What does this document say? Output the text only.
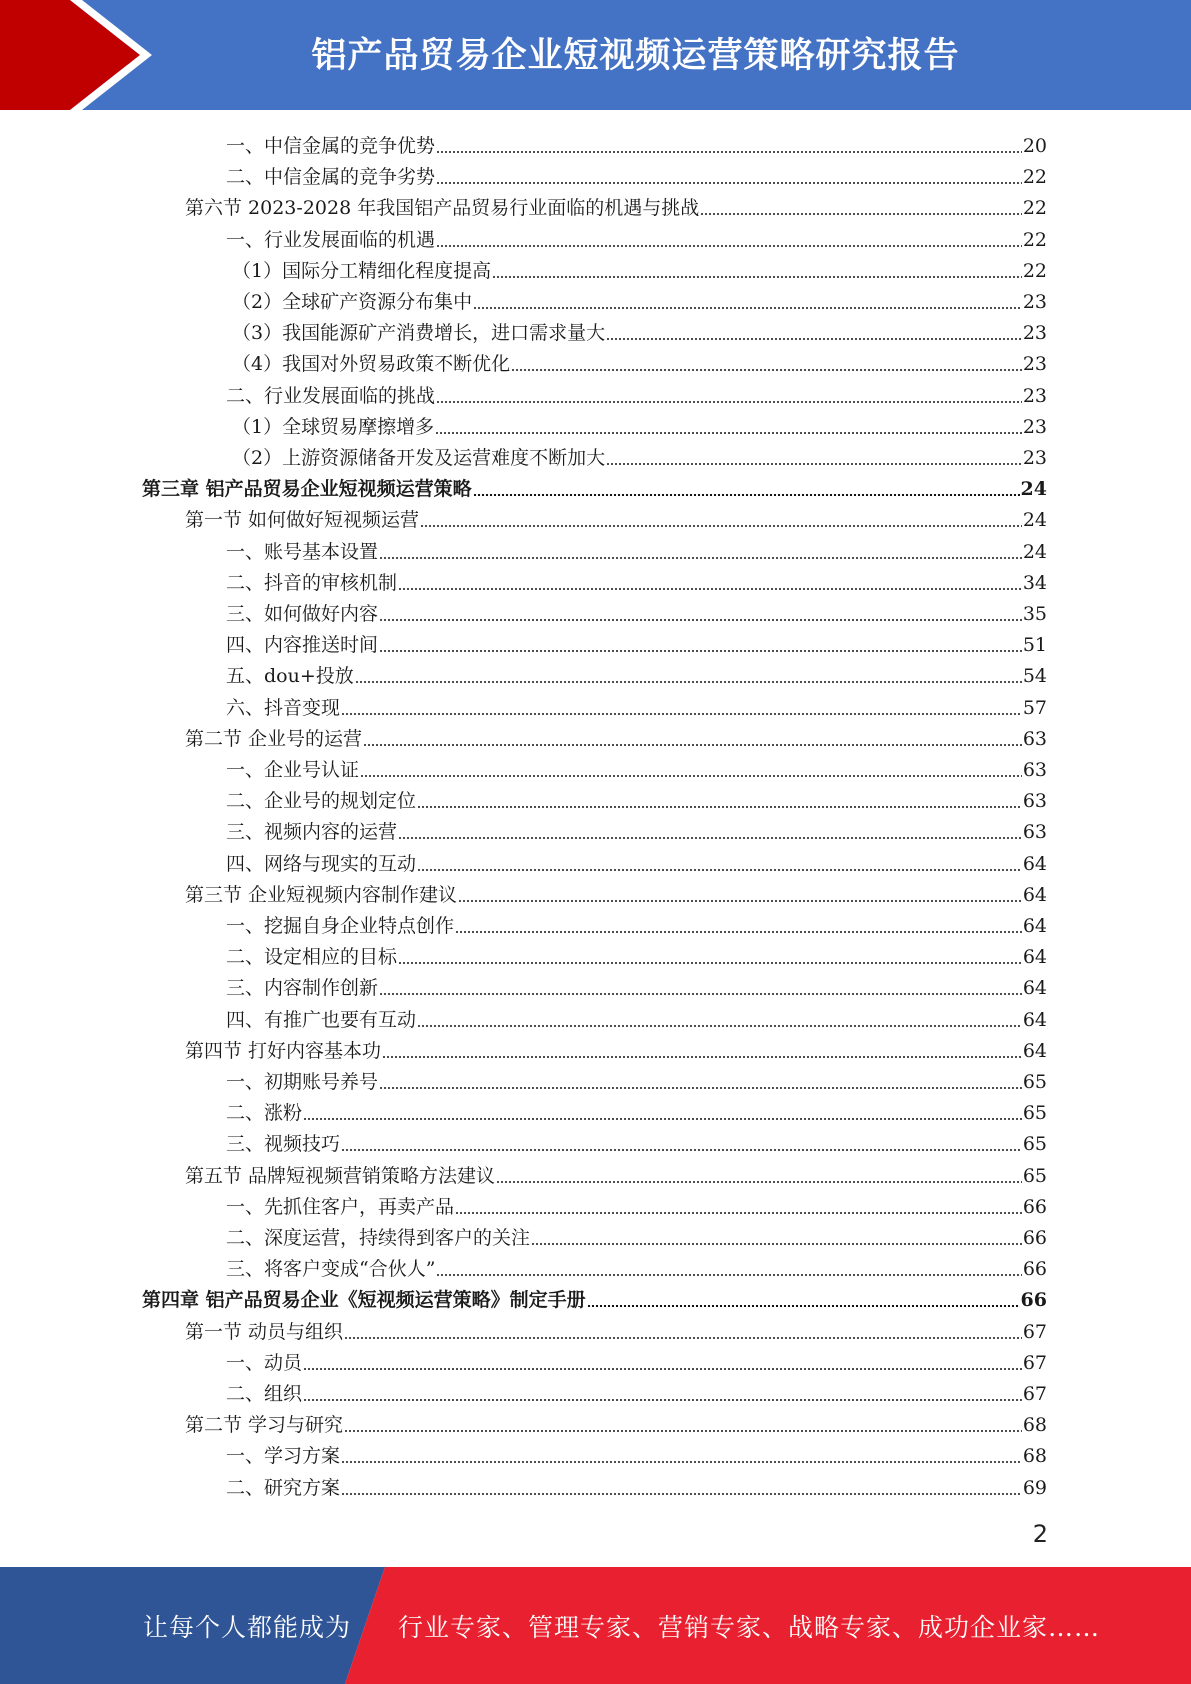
铝产品贸易企业短视频运营策略研究报告
一、中信金属的竞争优势	20
二、中信金属的竞争劣势	22
第六节 2023-2028 年我国铝产品贸易行业面临的机遇与挑战	22
一、行业发展面临的机遇	22
（1）国际分工精细化程度提高	22
（2）全球矿产资源分布集中	23
（3）我国能源矿产消费增长，进口需求量大	23
（4）我国对外贸易政策不断优化	23
二、行业发展面临的挑战	23
（1）全球贸易摩擦增多	23
（2）上游资源储备开发及运营难度不断加大	23
第三章 铝产品贸易企业短视频运营策略	24
第一节 如何做好短视频运营	24
一、账号基本设置	24
二、抖音的审核机制	34
三、如何做好内容	35
四、内容推送时间	51
五、dou+投放	54
六、抖音变现	57
第二节 企业号的运营	63
一、企业号认证	63
二、企业号的规划定位	63
三、视频内容的运营	63
四、网络与现实的互动	64
第三节 企业短视频内容制作建议	64
一、挖掘自身企业特点创作	64
二、设定相应的目标	64
三、内容制作创新	64
四、有推广也要有互动	64
第四节 打好内容基本功	64
一、初期账号养号	65
二、涨粉	65
三、视频技巧	65
第五节 品牌短视频营销策略方法建议	65
一、先抓住客户，再卖产品	66
二、深度运营，持续得到客户的关注	66
三、将客户变成“合伙人”	66
第四章 铝产品贸易企业《短视频运营策略》制定手册	66
第一节 动员与组织	67
一、动员	67
二、组织	67
第二节 学习与研究	68
一、学习方案	68
二、研究方案	69
2
让每个人都能成为 行业专家、管理专家、营销专家、战略专家、成功企业家……
